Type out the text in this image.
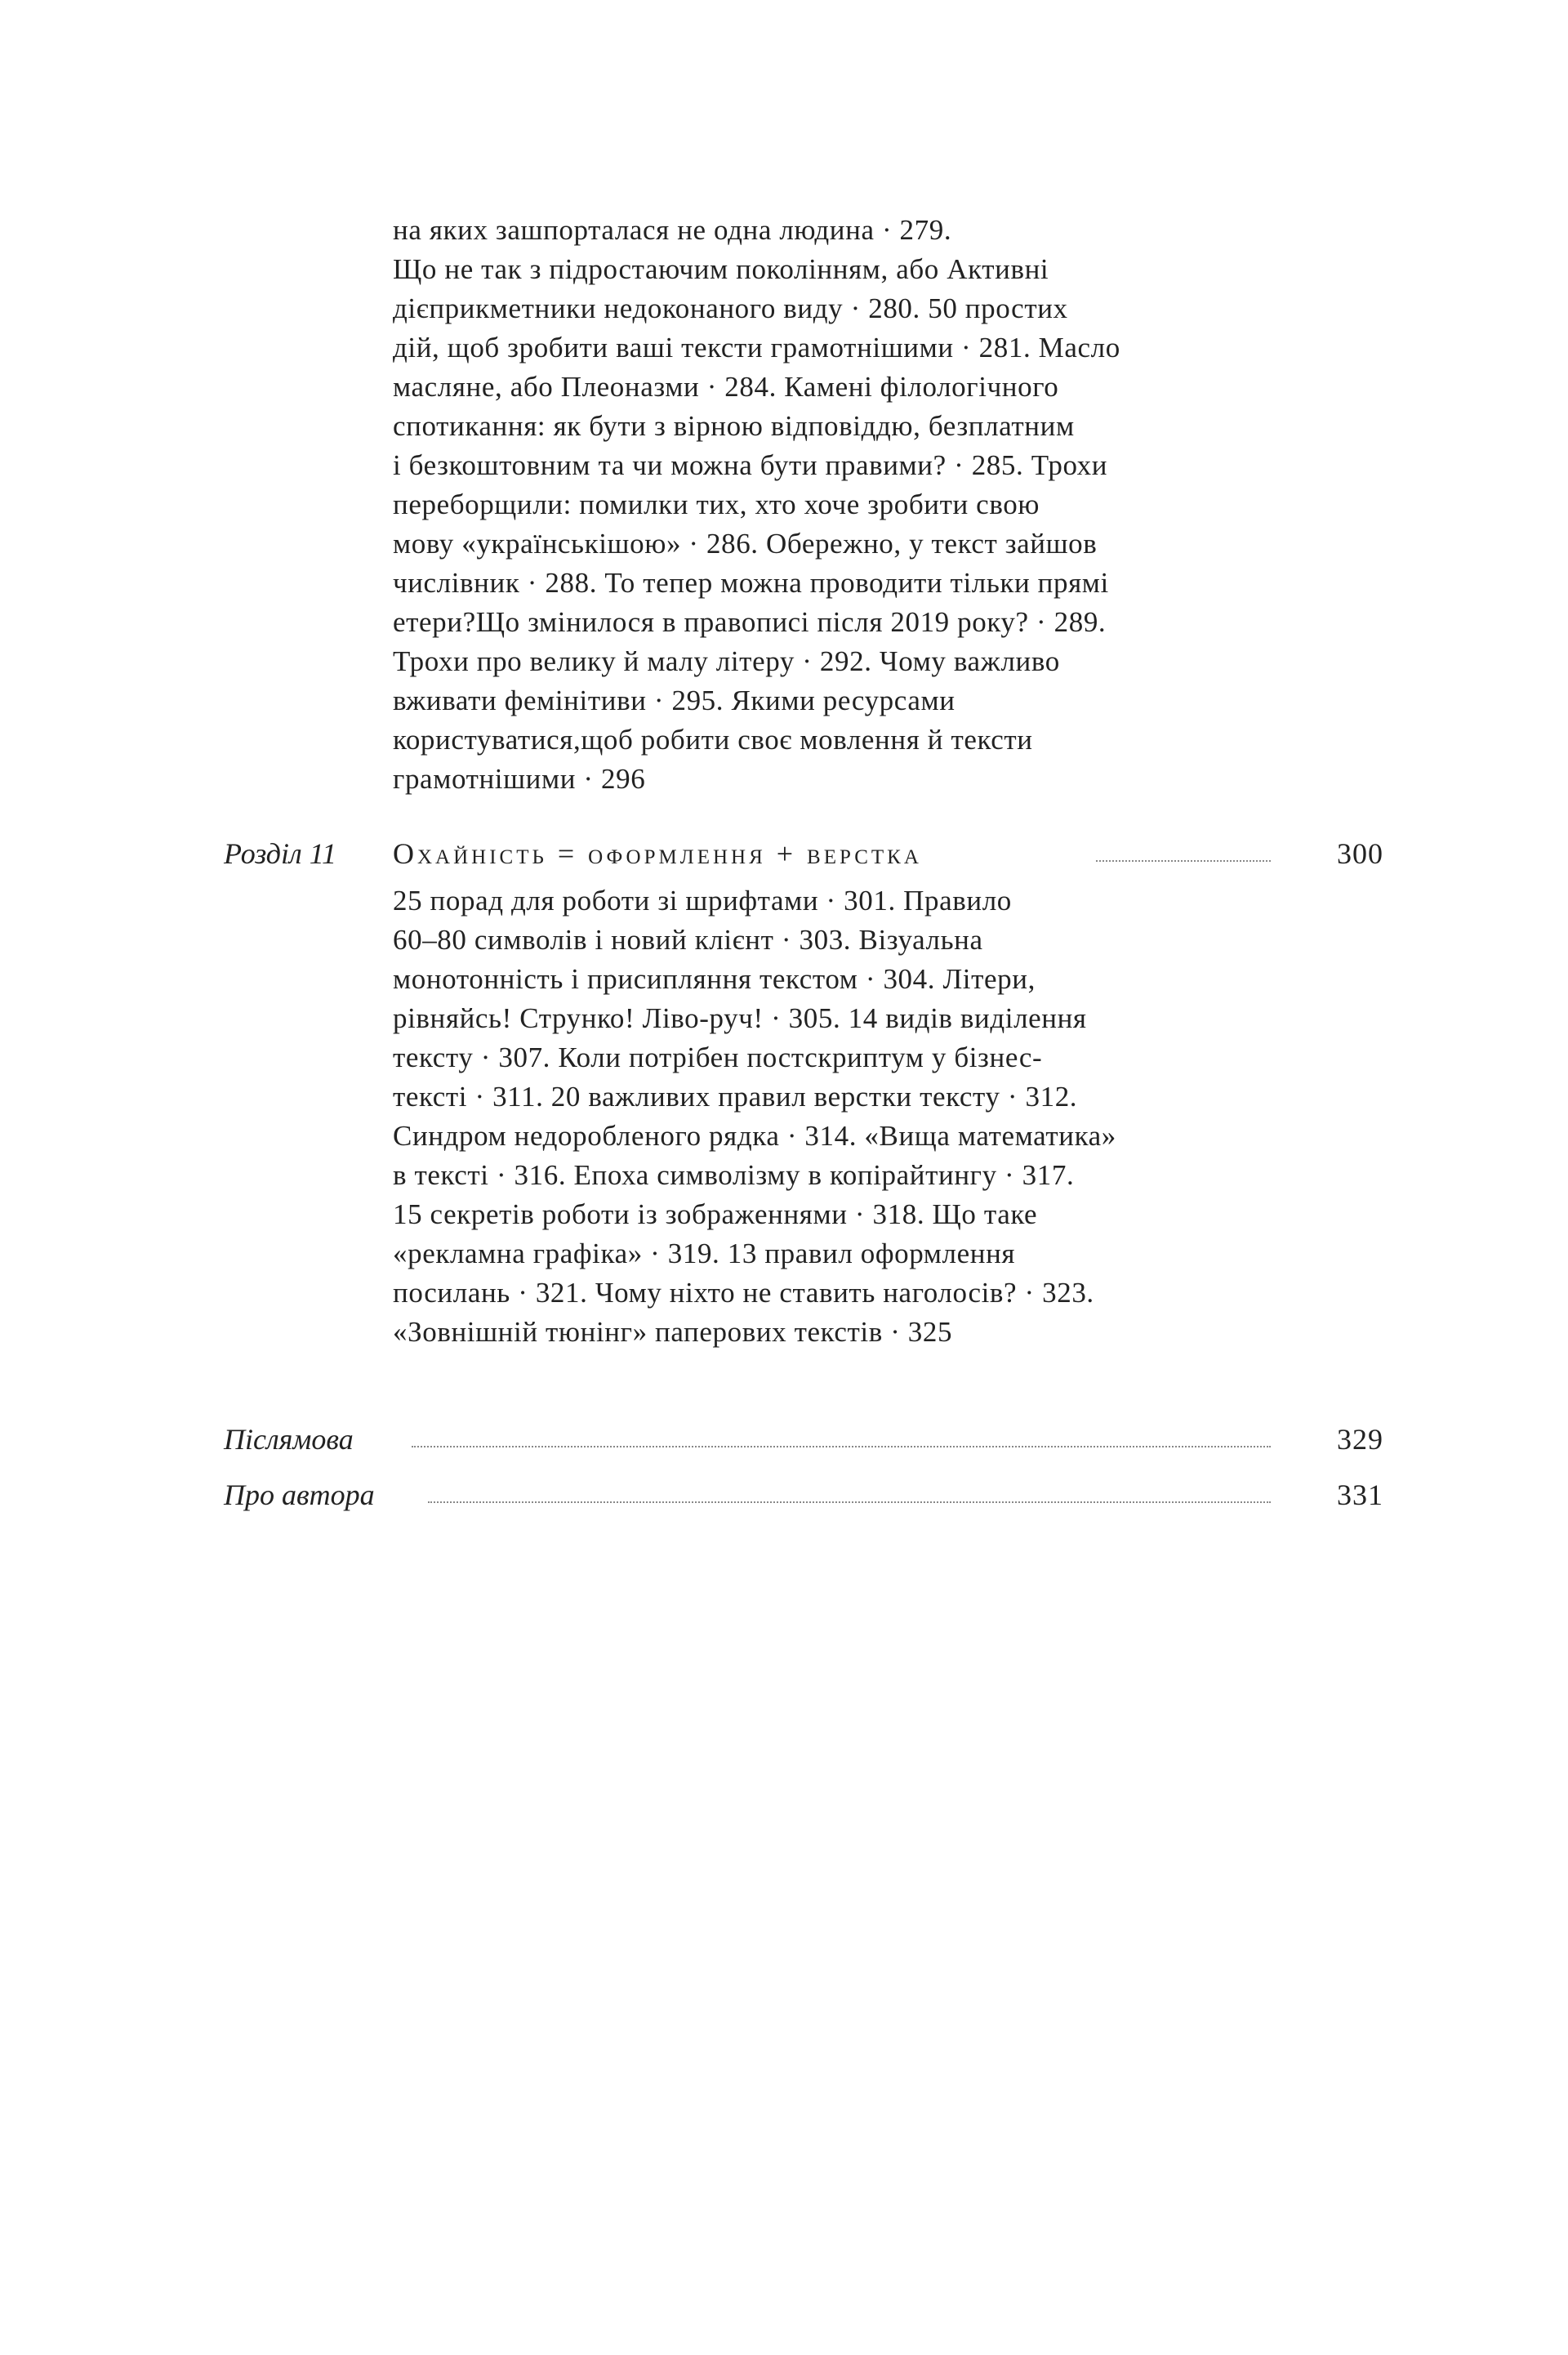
на яких зашпорталася не одна людина · 279.
Що не так з підростаючим поколінням, або Активні
дієприкметники недоконаного виду · 280. 50 простих
дій, щоб зробити ваші тексти грамотнішими · 281. Масло
масляне, або Плеоназми · 284. Камені філологічного
спотикання: як бути з вірною відповіддю, безплатним
і безкоштовним та чи можна бути правими? · 285. Трохи
переборщили: помилки тих, хто хоче зробити свою
мову «українськішою» · 286. Обережно, у текст зайшов
числівник · 288. То тепер можна проводити тільки прямі
етери?Що змінилося в правописі після 2019 року? · 289.
Трохи про велику й малу літеру · 292. Чому важливо
вживати фемінітиви · 295. Якими ресурсами
користуватися,щоб робити своє мовлення й тексти
грамотнішими · 296
Розділ 11 Охайність = оформлення + верстка	300
25 порад для роботи зі шрифтами · 301. Правило
60–80 символів і новий клієнт · 303. Візуальна
монотонність і присипляння текстом · 304. Літери,
рівняйсь! Струнко! Ліво-руч! · 305. 14 видів виділення
тексту · 307. Коли потрібен постскриптум у бізнес-
тексті · 311. 20 важливих правил верстки тексту · 312.
Синдром недоробленого рядка · 314. «Вища математика»
в тексті · 316. Епоха символізму в копірайтингу · 317.
15 секретів роботи із зображеннями · 318. Що таке
«рекламна графіка» · 319. 13 правил оформлення
посилань · 321. Чому ніхто не ставить наголосів? · 323.
«Зовнішній тюнінг» паперових текстів · 325
Післямова	329
Про автора	331
